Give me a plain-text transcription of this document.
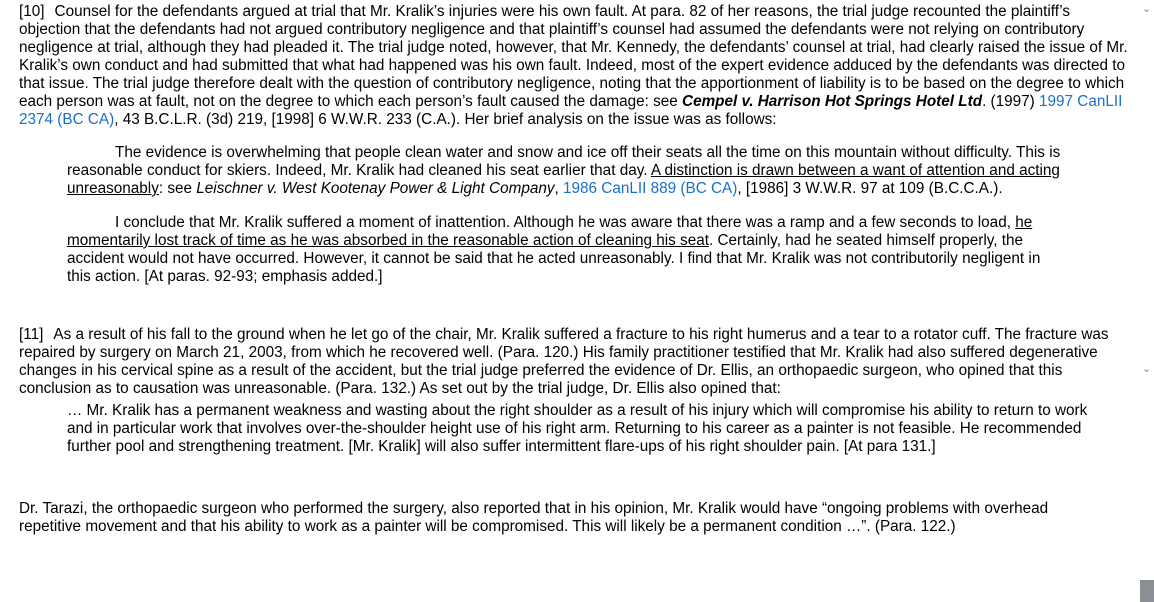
[10] Counsel for the defendants argued at trial that Mr. Kralik’s injuries were his own fault. At para. 82 of her reasons, the trial judge recounted the plaintiff’s objection that the defendants had not argued contributory negligence and that plaintiff’s counsel had assumed the defendants were not relying on contributory negligence at trial, although they had pleaded it. The trial judge noted, however, that Mr. Kennedy, the defendants’ counsel at trial, had clearly raised the issue of Mr. Kralik’s own conduct and had submitted that what had happened was his own fault. Indeed, most of the expert evidence adduced by the defendants was directed to that issue. The trial judge therefore dealt with the question of contributory negligence, noting that the apportionment of liability is to be based on the degree to which each person was at fault, not on the degree to which each person’s fault caused the damage: see Cempel v. Harrison Hot Springs Hotel Ltd. (1997) 1997 CanLII 2374 (BC CA), 43 B.C.L.R. (3d) 219, [1998] 6 W.W.R. 233 (C.A.). Her brief analysis on the issue was as follows:

The evidence is overwhelming that people clean water and snow and ice off their seats all the time on this mountain without difficulty. This is reasonable conduct for skiers. Indeed, Mr. Kralik had cleaned his seat earlier that day. A distinction is drawn between a want of attention and acting unreasonably: see Leischner v. West Kootenay Power & Light Company, 1986 CanLII 889 (BC CA), [1986] 3 W.W.R. 97 at 109 (B.C.C.A.).

I conclude that Mr. Kralik suffered a moment of inattention. Although he was aware that there was a ramp and a few seconds to load, he momentarily lost track of time as he was absorbed in the reasonable action of cleaning his seat. Certainly, had he seated himself properly, the accident would not have occurred. However, it cannot be said that he acted unreasonably. I find that Mr. Kralik was not contributorily negligent in this action. [At paras. 92-93; emphasis added.]

[11] As a result of his fall to the ground when he let go of the chair, Mr. Kralik suffered a fracture to his right humerus and a tear to a rotator cuff. The fracture was repaired by surgery on March 21, 2003, from which he recovered well. (Para. 120.) His family practitioner testified that Mr. Kralik had also suffered degenerative changes in his cervical spine as a result of the accident, but the trial judge preferred the evidence of Dr. Ellis, an orthopaedic surgeon, who opined that this conclusion as to causation was unreasonable. (Para. 132.) As set out by the trial judge, Dr. Ellis also opined that:

… Mr. Kralik has a permanent weakness and wasting about the right shoulder as a result of his injury which will compromise his ability to return to work and in particular work that involves over-the-shoulder height use of his right arm. Returning to his career as a painter is not feasible. He recommended further pool and strengthening treatment. [Mr. Kralik] will also suffer intermittent flare-ups of his right shoulder pain. [At para 131.]

Dr. Tarazi, the orthopaedic surgeon who performed the surgery, also reported that in his opinion, Mr. Kralik would have “ongoing problems with overhead repetitive movement and that his ability to work as a painter will be compromised. This will likely be a permanent condition …”. (Para. 122.)

⌄
⌄
